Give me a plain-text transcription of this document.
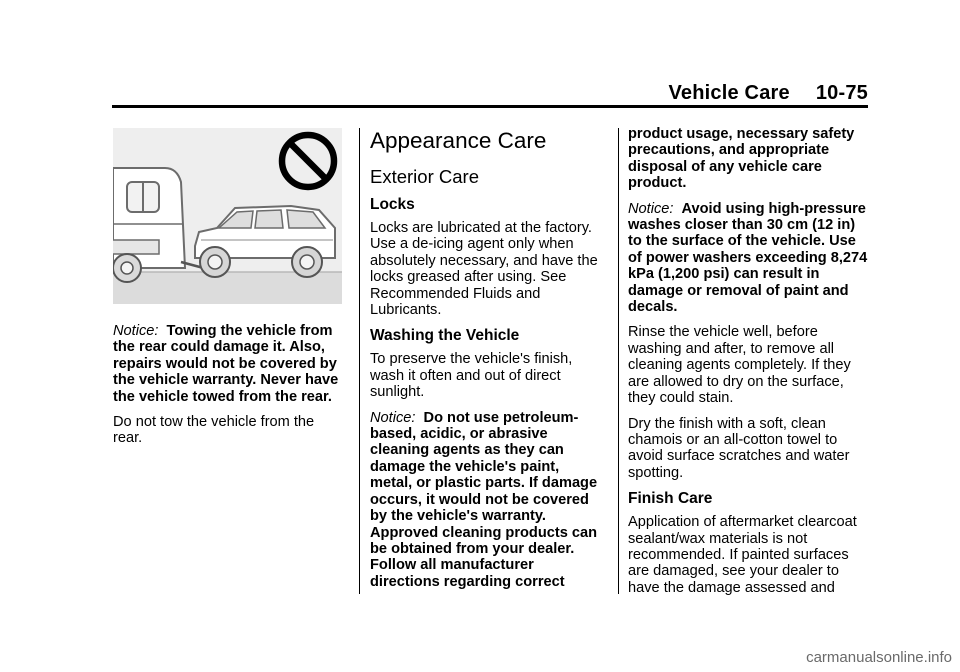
Vehicle Care 10-75

Notice: Towing the vehicle from the rear could damage it. Also, repairs would not be covered by the vehicle warranty. Never have the vehicle towed from the rear.

Do not tow the vehicle from the rear.

Appearance Care
Exterior Care
Locks

Locks are lubricated at the factory. Use a de-icing agent only when absolutely necessary, and have the locks greased after using. See Recommended Fluids and Lubricants.

Washing the Vehicle

To preserve the vehicle's finish, wash it often and out of direct sunlight.

Notice: Do not use petroleum-based, acidic, or abrasive cleaning agents as they can damage the vehicle's paint, metal, or plastic parts. If damage occurs, it would not be covered by the vehicle's warranty. Approved cleaning products can be obtained from your dealer. Follow all manufacturer directions regarding correct

product usage, necessary safety precautions, and appropriate disposal of any vehicle care product.

Notice: Avoid using high-pressure washes closer than 30 cm (12 in) to the surface of the vehicle. Use of power washers exceeding 8,274 kPa (1,200 psi) can result in damage or removal of paint and decals.

Rinse the vehicle well, before washing and after, to remove all cleaning agents completely. If they are allowed to dry on the surface, they could stain.

Dry the finish with a soft, clean chamois or an all-cotton towel to avoid surface scratches and water spotting.

Finish Care

Application of aftermarket clearcoat sealant/wax materials is not recommended. If painted surfaces are damaged, see your dealer to have the damage assessed and

carmanualsonline.info
